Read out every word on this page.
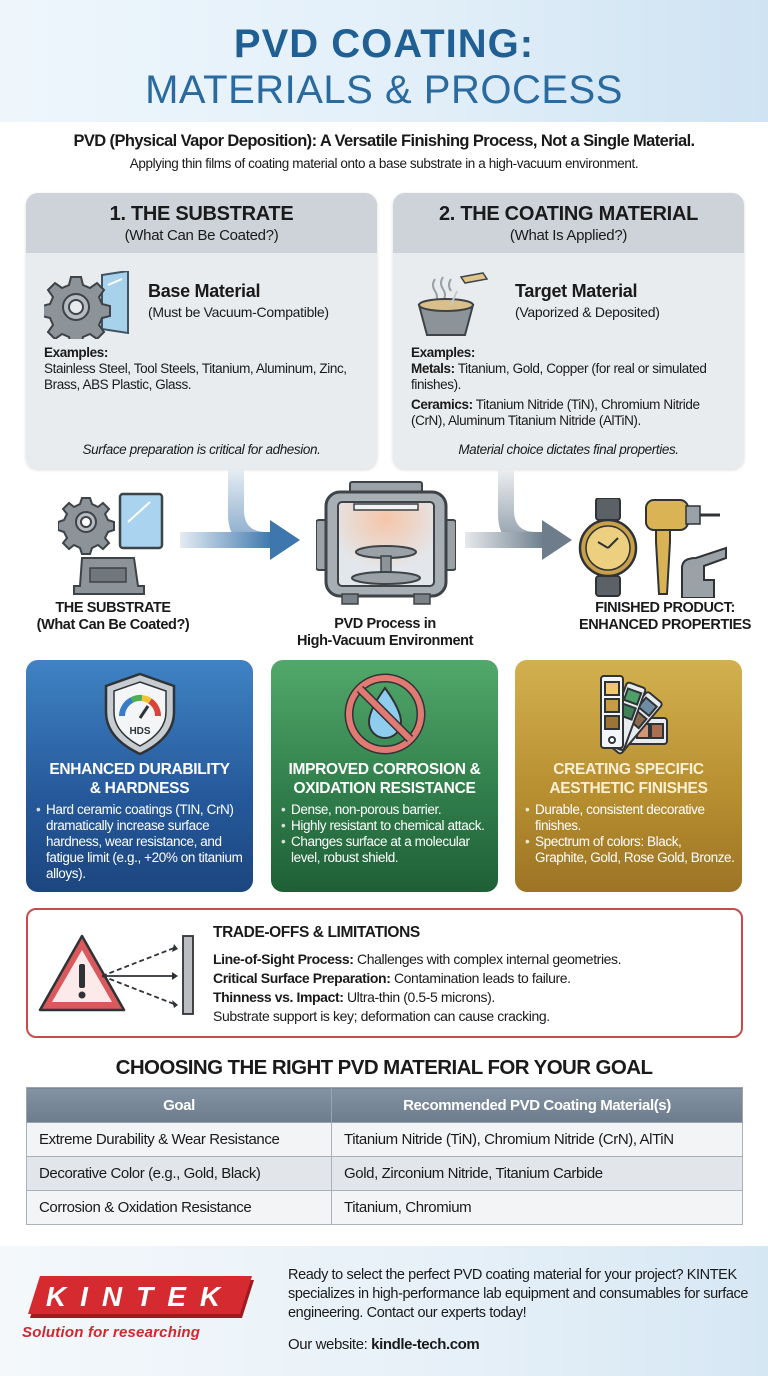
PVD COATING:
MATERIALS & PROCESS
PVD (Physical Vapor Deposition): A Versatile Finishing Process, Not a Single Material.
Applying thin films of coating material onto a base substrate in a high-vacuum environment.
1. THE SUBSTRATE
(What Can Be Coated?)
Base Material
(Must be Vacuum-Compatible)
Examples:
Stainless Steel, Tool Steels, Titanium, Aluminum, Zinc, Brass, ABS Plastic, Glass.
Surface preparation is critical for adhesion.
2. THE COATING MATERIAL
(What Is Applied?)
Target Material
(Vaporized & Deposited)
Examples:

Metals: Titanium, Gold, Copper (for real or simulated finishes).

Ceramics: Titanium Nitride (TiN), Chromium Nitride (CrN), Aluminum Titanium Nitride (AlTiN).

Material choice dictates final properties.
THE SUBSTRATE
(What Can Be Coated?)	PVD Process in
High-Vacuum Environment
FINISHED PRODUCT:
ENHANCED PROPERTIES
HDS
ENHANCED DURABILITY
& HARDNESS
• Hard ceramic coatings (TIN, CrN) dramatically increase surface hardness, wear resistance, and fatigue limit (e.g., +20% on titanium alloys).
IMPROVED CORROSION &
OXIDATION RESISTANCE
• Dense, non-porous barrier.
• Highly resistant to chemical attack.
• Changes surface at a molecular level, robust shield.
CREATING SPECIFIC
AESTHETIC FINISHES
• Durable, consistent decorative finishes.
• Spectrum of colors: Black, Graphite, Gold, Rose Gold, Bronze.
TRADE-OFFS & LIMITATIONS
Line-of-Sight Process: Challenges with complex internal geometries.
Critical Surface Preparation: Contamination leads to failure.
Thinness vs. Impact: Ultra-thin (0.5-5 microns).
Substrate support is key; deformation can cause cracking.
CHOOSING THE RIGHT PVD MATERIAL FOR YOUR GOAL
Goal	Recommended PVD Coating Material(s)
Extreme Durability & Wear Resistance	Titanium Nitride (TiN), Chromium Nitride (CrN), AlTiN
Decorative Color (e.g., Gold, Black)	Gold, Zirconium Nitride, Titanium Carbide
Corrosion & Oxidation Resistance	Titanium, Chromium
KINTEK
Solution for researching
Ready to select the perfect PVD coating material for your project? KINTEK specializes in high-performance lab equipment and consumables for surface engineering. Contact our experts today!
Our website: kindle-tech.com
